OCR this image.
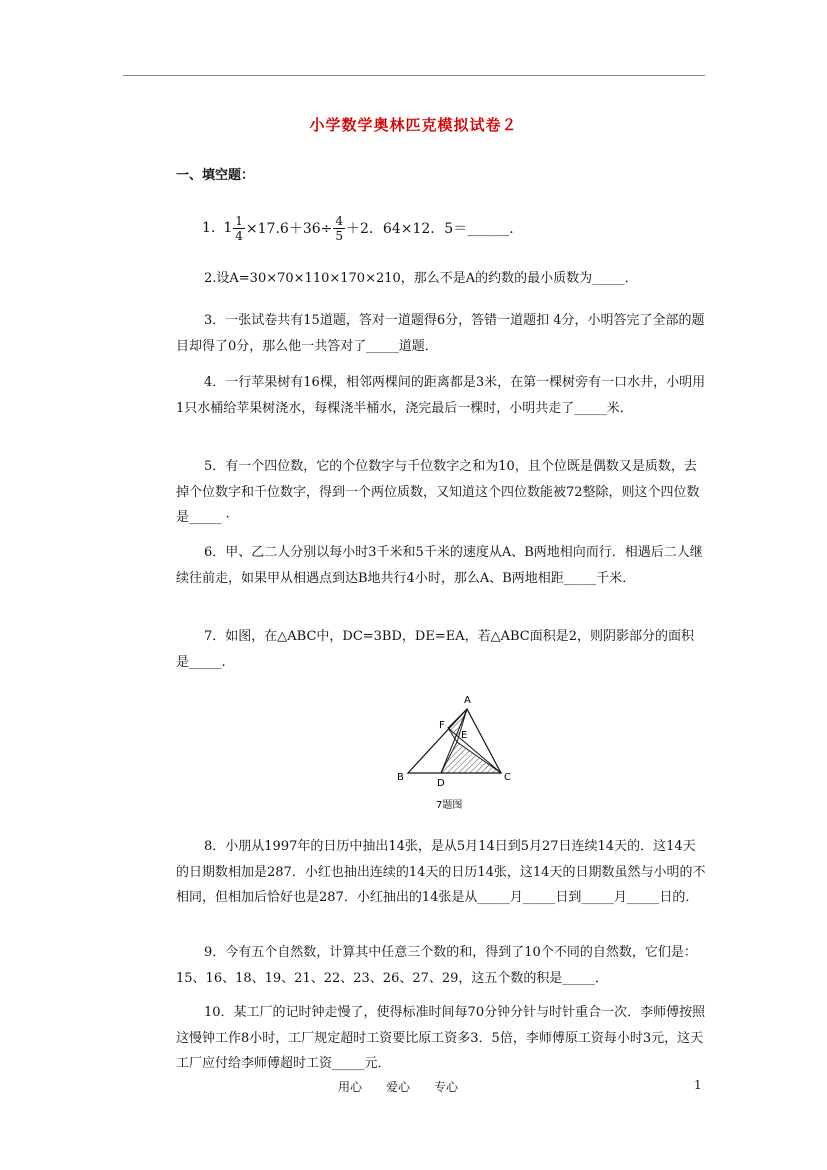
小学数学奥林匹克模拟试卷２
一、填空题：
1. $1 \frac{1}{4} \times 17.6+36\div \frac{4}{5} +2$．64×12．5＝______.

2.设A=30×70×110×170×210，那么不是A的约数的最小质数为_____．

3．一张试卷共有15道题，答对一道题得6分，答错一道题扣 4分，小明答完了全部的题目却得了0分，那么他一共答对了_____道题．

4．一行苹果树有16棵，相邻两棵间的距离都是3米，在第一棵树旁有一口水井，小明用1只水桶给苹果树浇水，每棵浇半桶水，浇完最后一棵时，小明共走了_____米．

5．有一个四位数，它的个位数字与千位数字之和为10，且个位既是偶数又是质数，去掉个位数字和千位数字，得到一个两位质数，又知道这个四位数能被72整除，则这个四位数是_____ ·

6．甲、乙二人分别以每小时3千米和5千米的速度从A、B两地相向而行．相遇后二人继续往前走，如果甲从相遇点到达B地共行4小时，那么A、B两地相距_____千米．

7．如图，在△ABC中，DC=3BD，DE=EA，若△ABC面积是2，则阴影部分的面积是_____.

A
B	C
D
E
F
7题图

8．小朋从1997年的日历中抽出14张，是从5月14日到5月27日连续14天的．这14天的日期数相加是287．小红也抽出连续的14天的日历14张，这14天的日期数虽然与小明的不相同，但相加后恰好也是287．小红抽出的14张是从_____月_____日到_____月_____日的．

9．今有五个自然数，计算其中任意三个数的和，得到了10个不同的自然数，它们是：15、16、18、19、21、22、23、26、27、29，这五个数的积是_____．

10．某工厂的记时钟走慢了，使得标准时间每70分钟分针与时针重合一次．李师傅按照这慢钟工作8小时，工厂规定超时工资要比原工资多3．5倍，李师傅原工资每小时3元，这天工厂应付给李师傅超时工资_____元．

用心　　爱心　　专心	1
